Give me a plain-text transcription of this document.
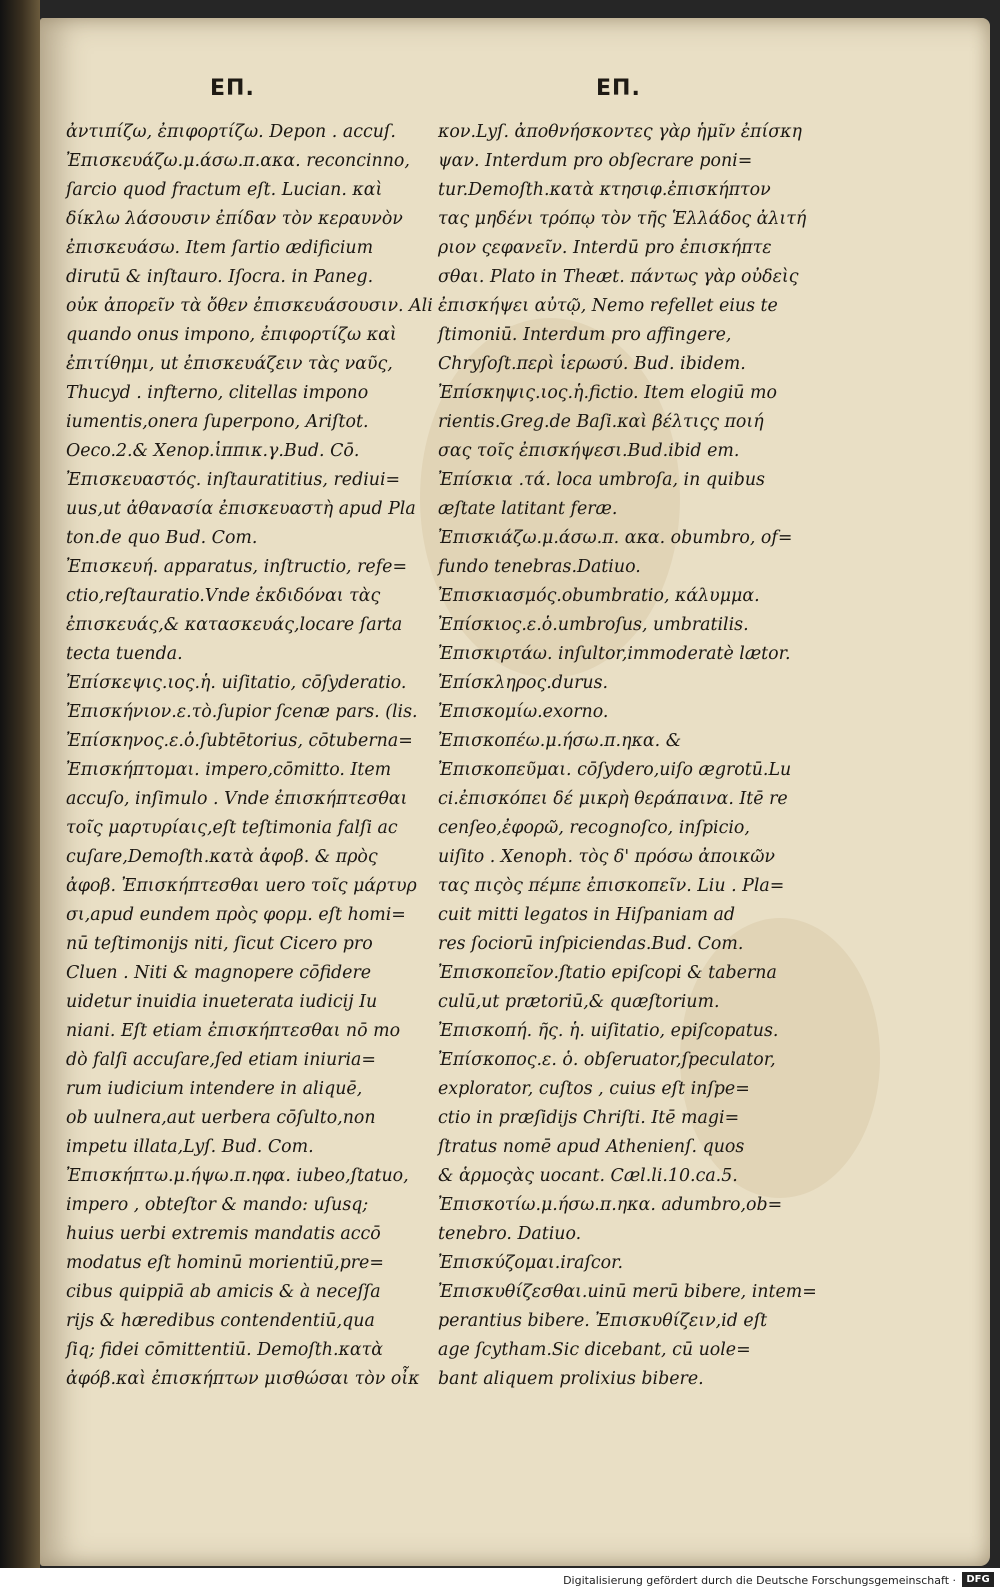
ЕΠ.	ЕΠ.
ἀντιπίζω, ἐπιφορτίζω. Depon . accuſ.
Ἐπισκευάζω.μ.άσω.π.ακα. reconcinno,
ſarcio quod fractum eſt. Lucian. καὶ
δίκλω λάσουσιν ἐπίδαν τὸν κεραυνὸν
ἐπισκευάσω. Item ſartio ædificium
dirutū & inſtauro. Iſocra. in Paneg.
οὐκ ἀπορεῖν τὰ ὄθεν ἐπισκευάσουσιν. Ali
quando onus impono, ἐπιφορτίζω καὶ
ἐπιτίθημι, ut ἐπισκευάζειν τὰς ναῦς,
Thucyd . infterno, clitellas impono
iumentis,onera ſuperpono, Ariſtot.
Oeco.2.& Xenop.ἱππικ.γ.Bud. Cō.
Ἐπισκευαστός. inſtauratitius, rediui=
uus,ut ἀθανασία ἐπισκευαστὴ apud Pla
ton.de quo Bud. Com.
Ἐπισκευή. apparatus, inſtructio, refe=
ctio,reſtauratio.Vnde ἐκδιδόναι τὰς
ἐπισκευάς,& κατασκευάς,locare ſarta
tecta tuenda.
Ἐπίσκεψις.ιος.ἡ. uiſitatio, cōſyderatio.
Ἐπισκήνιον.ε.τὸ.ſupior ſcenæ pars. (lis.
Ἐπίσκηνος.ε.ὁ.ſubtētorius, cōtuberna=
Ἐπισκήπτομαι. impero,cōmitto. Item
accuſo, inſimulo . Vnde ἐπισκήπτεσθαι
τοῖς μαρτυρίαις,eſt teſtimonia falſi ac
cuſare,Demoſth.κατὰ ἀφοβ. & πρὸς
ἀφοβ. Ἐπισκήπτεσθαι uero τοῖς μάρτυρ
σι,apud eundem πρὸς φορμ. eſt homi=
nū teſtimonijs niti, ſicut Cicero pro
Cluen . Niti & magnopere cōfidere
uidetur inuidia inueterata iudicij Iu
niani. Eſt etiam ἐπισκήπτεσθαι nō mo
dò falſi accuſare,ſed etiam iniuria=
rum iudicium intendere in aliquē,
ob uulnera,aut uerbera cōſulto,non
impetu illata,Lyſ. Bud. Com.
Ἐπισκήπτω.μ.ήψω.π.ηφα. iubeo,ſtatuo,
impero , obteſtor & mando: uſusq;
huius uerbi extremis mandatis accō
modatus eſt hominū morientiū,pre=
cibus quippiā ab amicis & à neceſſa
rijs & hæredibus contendentiū,qua
ſiq; fidei cōmittentiū. Demoſth.κατὰ
ἀφόβ.καὶ ἐπισκήπτων μισθώσαι τὸν οἶκ
κον.Lyſ. ἀποθνήσκοντες γὰρ ἡμῖν ἐπίσκη
ψαν. Interdum pro obſecrare poni=
tur.Demoſth.κατὰ κτησιφ.ἐπισκήπτον
τας μηδένι τρόπῳ τὸν τῆς Ἑλλάδος ἀλιτή
ριον ςεφανεῖν. Interdū pro ἐπισκήπτε
σθαι. Plato in Theæt. πάντως γὰρ οὐδεὶς
ἐπισκήψει αὐτῷ, Nemo refellet eius te
ſtimoniū. Interdum pro affingere,
Chryſoſt.περὶ ἱερωσύ. Bud. ibidem.
Ἐπίσκηψις.ιος.ἡ.fictio. Item elogiū mo
rientis.Greg.de Baſi.καὶ βέλτιςς ποιή
σας τοῖς ἐπισκήψεσι.Bud.ibid em.
Ἐπίσκια .τά. loca umbroſa, in quibus
æſtate latitant feræ.
Ἐπισκιάζω.μ.άσω.π. ακα. obumbro, of=
fundo tenebras.Datiuo.
Ἐπισκιασμός.obumbratio, κάλυμμα.
Ἐπίσκιος.ε.ὁ.umbroſus, umbratilis.
Ἐπισκιρτάω. inſultor,immoderatè lætor.
Ἐπίσκληρος.durus.
Ἐπισκομίω.exorno.
Ἐπισκοπέω.μ.ήσω.π.ηκα. &
Ἐπισκοπεῦμαι. cōſydero,uiſo ægrotū.Lu
ci.ἐπισκόπει δέ μικρὴ θεράπαινα. Itē re
cenſeo,ἐφορῶ, recognoſco, inſpicio,
uiſito . Xenoph. τὸς δ' πρόσω ἀποικῶν
τας πιςὸς πέμπε ἐπισκοπεῖν. Liu . Pla=
cuit mitti legatos in Hiſpaniam ad
res ſociorū inſpiciendas.Bud. Com.
Ἐπισκοπεῖον.ſtatio epiſcopi & taberna
culū,ut prætoriū,& quæſtorium.
Ἐπισκοπή. ῆς. ἡ. uiſitatio, epiſcopatus.
Ἐπίσκοπος.ε. ὁ. obſeruator,ſpeculator,
explorator, cuſtos , cuius eſt inſpe=
ctio in præſidijs Chriſti. Itē magi=
ſtratus nomē apud Athenienſ. quos
& ἁρμοςὰς uocant. Cæl.li.10.ca.5.
Ἐπισκοτίω.μ.ήσω.π.ηκα. adumbro,ob=
tenebro. Datiuo.
Ἐπισκύζομαι.iraſcor.
Ἐπισκυθίζεσθαι.uinū merū bibere, intem=
perantius bibere. Ἐπισκυθίζειν,id eſt
age ſcytham.Sic dicebant, cū uole=
bant aliquem prolixius bibere.
Digitalisierung gefördert durch die Deutsche Forschungsgemeinschaft ·	DFG
